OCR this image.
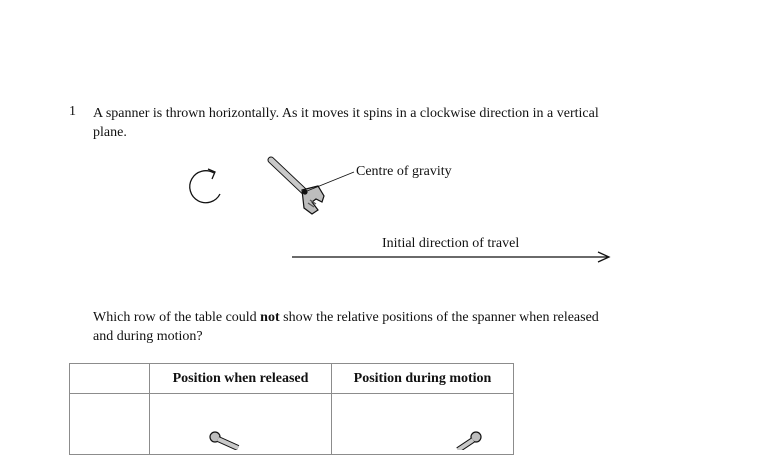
1 A spanner is thrown horizontally. As it moves it spins in a clockwise direction in a vertical plane.
Centre of gravity
Initial direction of travel
Which row of the table could not show the relative positions of the spanner when released and during motion?
	Position when released	Position during motion
